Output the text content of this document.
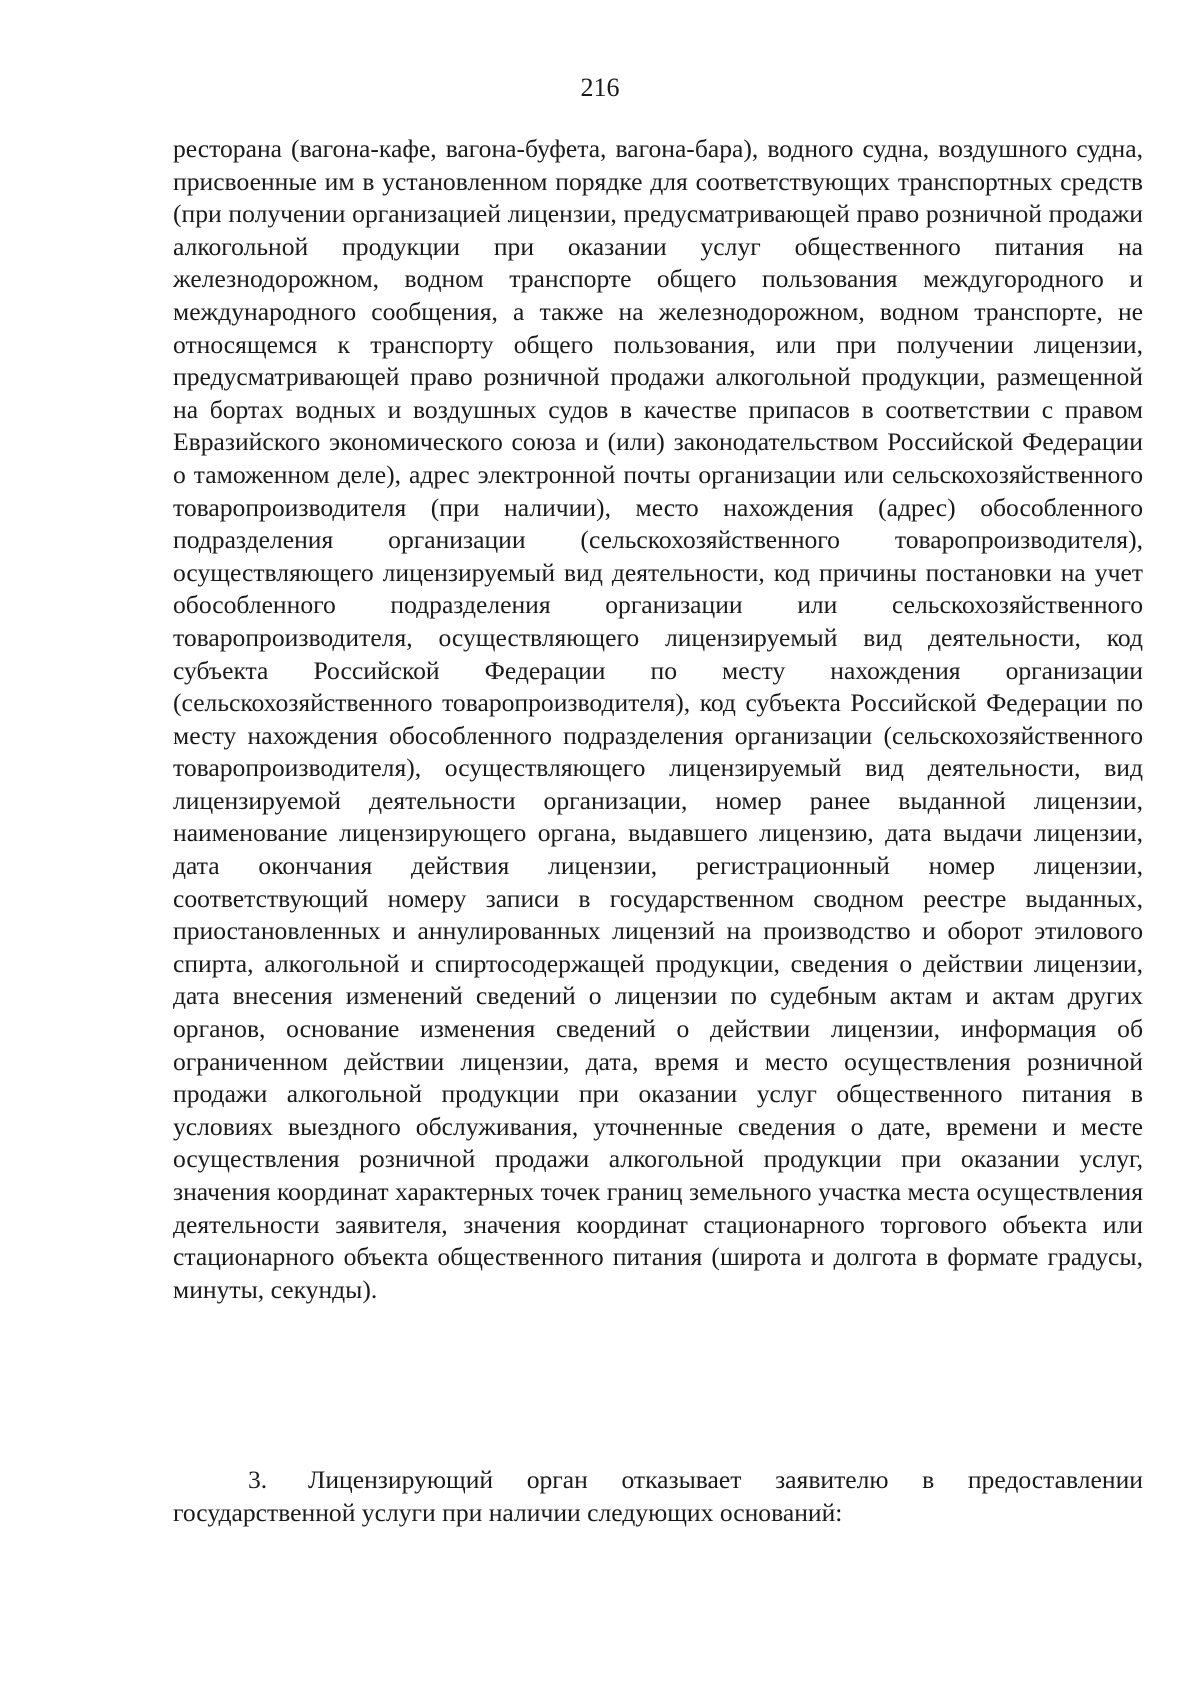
216

ресторана (вагона-кафе, вагона-буфета, вагона-бара), водного судна, воздушного судна, присвоенные им в установленном порядке для соответствующих транспортных средств (при получении организацией лицензии, предусматривающей право розничной продажи алкогольной продукции при оказании услуг общественного питания на железнодорожном, водном транспорте общего пользования междугородного и международного сообщения, а также на железнодорожном, водном транспорте, не относящемся к транспорту общего пользования, или при получении лицензии, предусматривающей право розничной продажи алкогольной продукции, размещенной на бортах водных и воздушных судов в качестве припасов в соответствии с правом Евразийского экономического союза и (или) законодательством Российской Федерации о таможенном деле), адрес электронной почты организации или сельскохозяйственного товаропроизводителя (при наличии), место нахождения (адрес) обособленного подразделения организации (сельскохозяйственного товаропроизводителя), осуществляющего лицензируемый вид деятельности, код причины постановки на учет обособленного подразделения организации или сельскохозяйственного товаропроизводителя, осуществляющего лицензируемый вид деятельности, код субъекта Российской Федерации по месту нахождения организации (сельскохозяйственного товаропроизводителя), код субъекта Российской Федерации по месту нахождения обособленного подразделения организации (сельскохозяйственного товаропроизводителя), осуществляющего лицензируемый вид деятельности, вид лицензируемой деятельности организации, номер ранее выданной лицензии, наименование лицензирующего органа, выдавшего лицензию, дата выдачи лицензии, дата окончания действия лицензии, регистрационный номер лицензии, соответствующий номеру записи в государственном сводном реестре выданных, приостановленных и аннулированных лицензий на производство и оборот этилового спирта, алкогольной и спиртосодержащей продукции, сведения о действии лицензии, дата внесения изменений сведений о лицензии по судебным актам и актам других органов, основание изменения сведений о действии лицензии, информация об ограниченном действии лицензии, дата, время и место осуществления розничной продажи алкогольной продукции при оказании услуг общественного питания в условиях выездного обслуживания, уточненные сведения о дате, времени и месте осуществления розничной продажи алкогольной продукции при оказании услуг, значения координат характерных точек границ земельного участка места осуществления деятельности заявителя, значения координат стационарного торгового объекта или стационарного объекта общественного питания (широта и долгота в формате градусы, минуты, секунды).

3. Лицензирующий орган отказывает заявителю в предоставлении государственной услуги при наличии следующих оснований:
